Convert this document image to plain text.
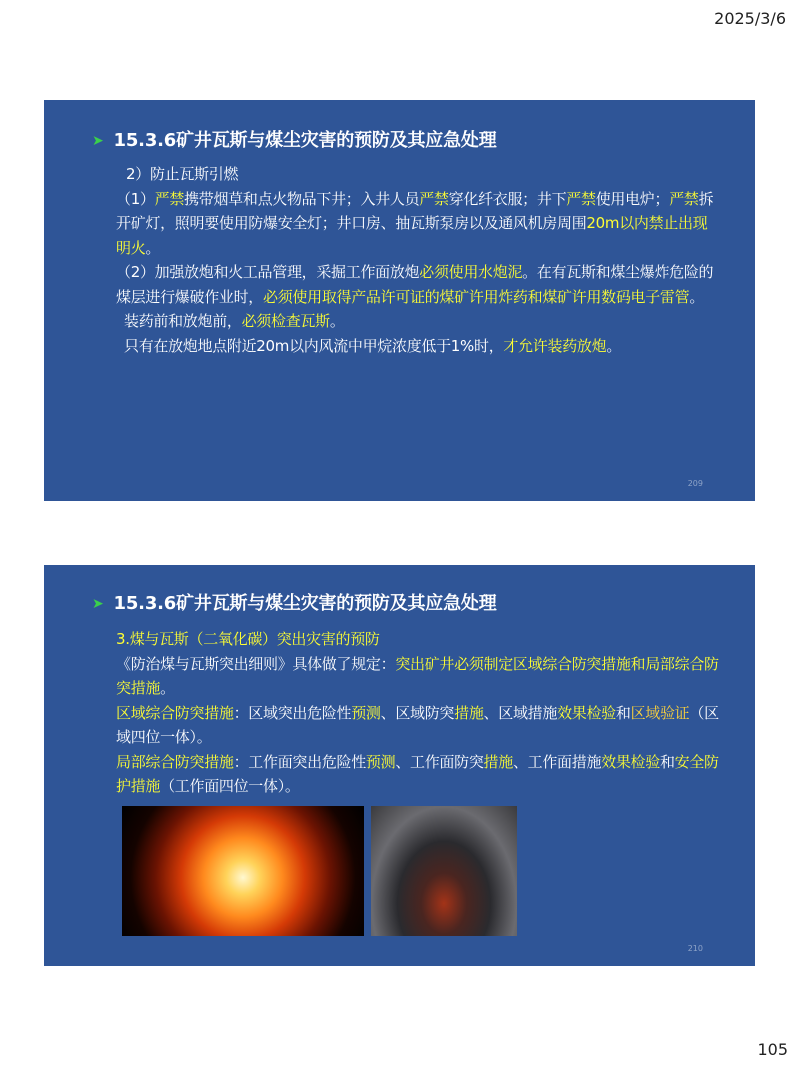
2025/3/6
➤ 15.3.6矿井瓦斯与煤尘灾害的预防及其应急处理

2）防止瓦斯引燃

（1）严禁携带烟草和点火物品下井；入井人员严禁穿化纤衣服；井下严禁使用电炉；严禁拆开矿灯，照明要使用防爆安全灯；井口房、抽瓦斯泵房以及通风机房周围20m以内禁止出现明火。

（2）加强放炮和火工品管理，采掘工作面放炮必须使用水炮泥。在有瓦斯和煤尘爆炸危险的煤层进行爆破作业时，必须使用取得产品许可证的煤矿许用炸药和煤矿许用数码电子雷管。

装药前和放炮前，必须检查瓦斯。

只有在放炮地点附近20m以内风流中甲烷浓度低于1%时，才允许装药放炮。

209
➤ 15.3.6矿井瓦斯与煤尘灾害的预防及其应急处理

3.煤与瓦斯（二氧化碳）突出灾害的预防

《防治煤与瓦斯突出细则》具体做了规定：突出矿井必须制定区域综合防突措施和局部综合防突措施。

区域综合防突措施：区域突出危险性预测、区域防突措施、区域措施效果检验和区域验证（区域四位一体）。

局部综合防突措施：工作面突出危险性预测、工作面防突措施、工作面措施效果检验和安全防护措施（工作面四位一体）。

210
105
